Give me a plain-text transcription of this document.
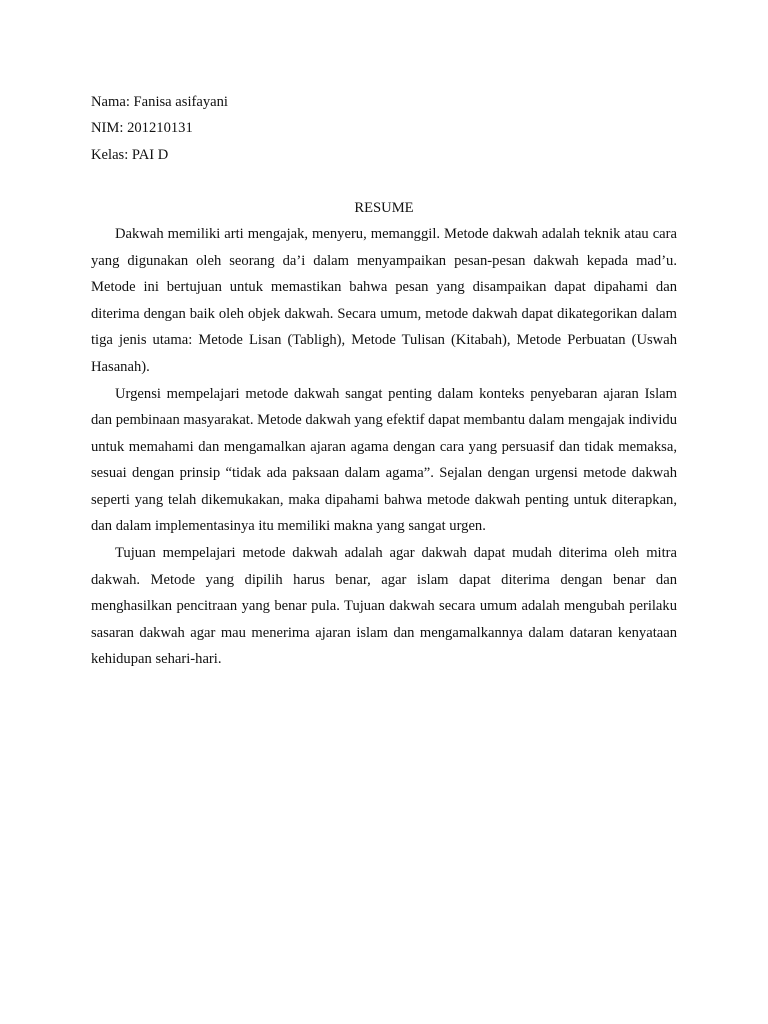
Nama: Fanisa asifayani
NIM: 201210131
Kelas: PAI D
RESUME

Dakwah memiliki arti mengajak, menyeru, memanggil. Metode dakwah adalah teknik atau cara yang digunakan oleh seorang da’i dalam menyampaikan pesan-pesan dakwah kepada mad’u. Metode ini bertujuan untuk memastikan bahwa pesan yang disampaikan dapat dipahami dan diterima dengan baik oleh objek dakwah. Secara umum, metode dakwah dapat dikategorikan dalam tiga jenis utama: Metode Lisan (Tabligh), Metode Tulisan (Kitabah), Metode Perbuatan (Uswah Hasanah).

Urgensi mempelajari metode dakwah sangat penting dalam konteks penyebaran ajaran Islam dan pembinaan masyarakat. Metode dakwah yang efektif dapat membantu dalam mengajak individu untuk memahami dan mengamalkan ajaran agama dengan cara yang persuasif dan tidak memaksa, sesuai dengan prinsip “tidak ada paksaan dalam agama”. Sejalan dengan urgensi metode dakwah seperti yang telah dikemukakan, maka dipahami bahwa metode dakwah penting untuk diterapkan, dan dalam implementasinya itu memiliki makna yang sangat urgen.

Tujuan mempelajari metode dakwah adalah agar dakwah dapat mudah diterima oleh mitra dakwah. Metode yang dipilih harus benar, agar islam dapat diterima dengan benar dan menghasilkan pencitraan yang benar pula. Tujuan dakwah secara umum adalah mengubah perilaku sasaran dakwah agar mau menerima ajaran islam dan mengamalkannya dalam dataran kenyataan kehidupan sehari-hari.
